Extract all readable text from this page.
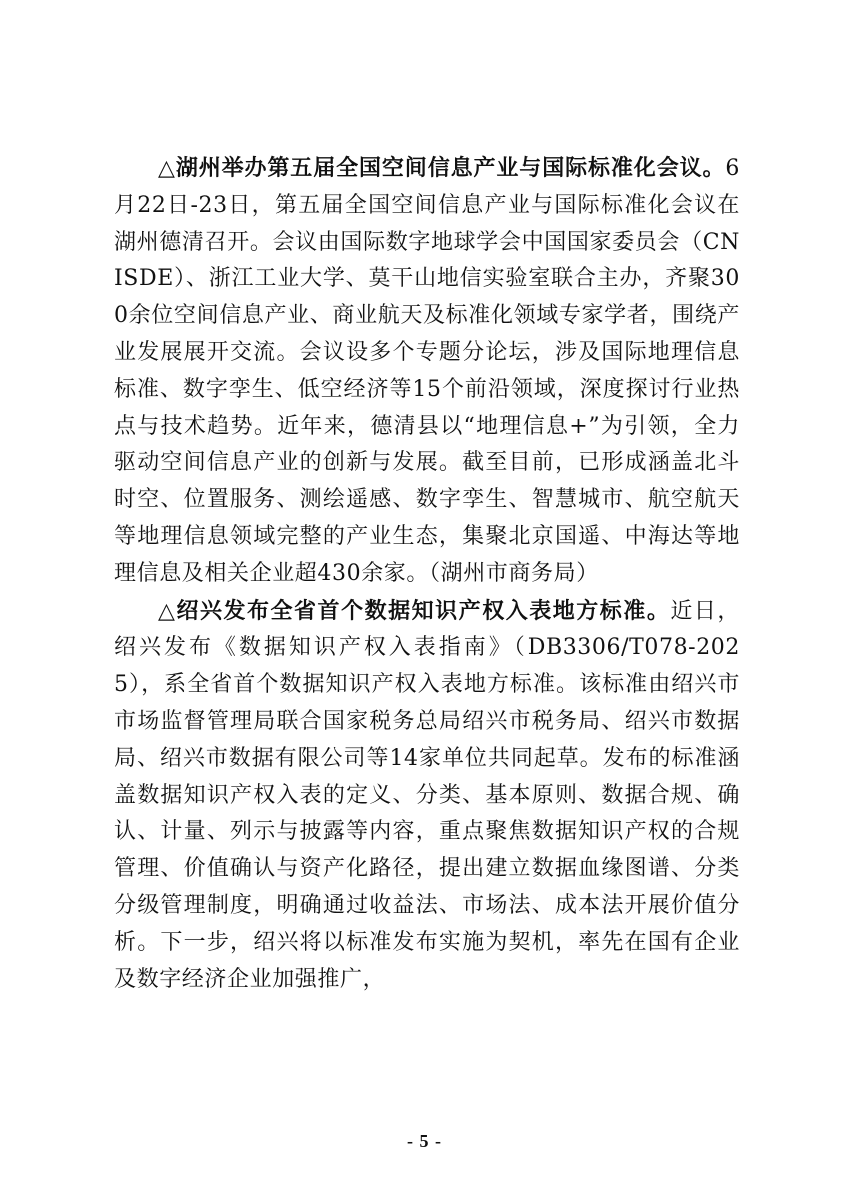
△湖州举办第五届全国空间信息产业与国际标准化会议。6月22日-23日，第五届全国空间信息产业与国际标准化会议在湖州德清召开。会议由国际数字地球学会中国国家委员会（CNISDE）、浙江工业大学、莫干山地信实验室联合主办，齐聚300余位空间信息产业、商业航天及标准化领域专家学者，围绕产业发展展开交流。会议设多个专题分论坛，涉及国际地理信息标准、数字孪生、低空经济等15个前沿领域，深度探讨行业热点与技术趋势。近年来，德清县以“地理信息+”为引领，全力驱动空间信息产业的创新与发展。截至目前，已形成涵盖北斗时空、位置服务、测绘遥感、数字孪生、智慧城市、航空航天等地理信息领域完整的产业生态，集聚北京国遥、中海达等地理信息及相关企业超430余家。（湖州市商务局）

△绍兴发布全省首个数据知识产权入表地方标准。近日，绍兴发布《数据知识产权入表指南》（DB3306/T078-2025），系全省首个数据知识产权入表地方标准。该标准由绍兴市市场监督管理局联合国家税务总局绍兴市税务局、绍兴市数据局、绍兴市数据有限公司等14家单位共同起草。发布的标准涵盖数据知识产权入表的定义、分类、基本原则、数据合规、确认、计量、列示与披露等内容，重点聚焦数据知识产权的合规管理、价值确认与资产化路径，提出建立数据血缘图谱、分类分级管理制度，明确通过收益法、市场法、成本法开展价值分析。下一步，绍兴将以标准发布实施为契机，率先在国有企业及数字经济企业加强推广，

- 5 -
